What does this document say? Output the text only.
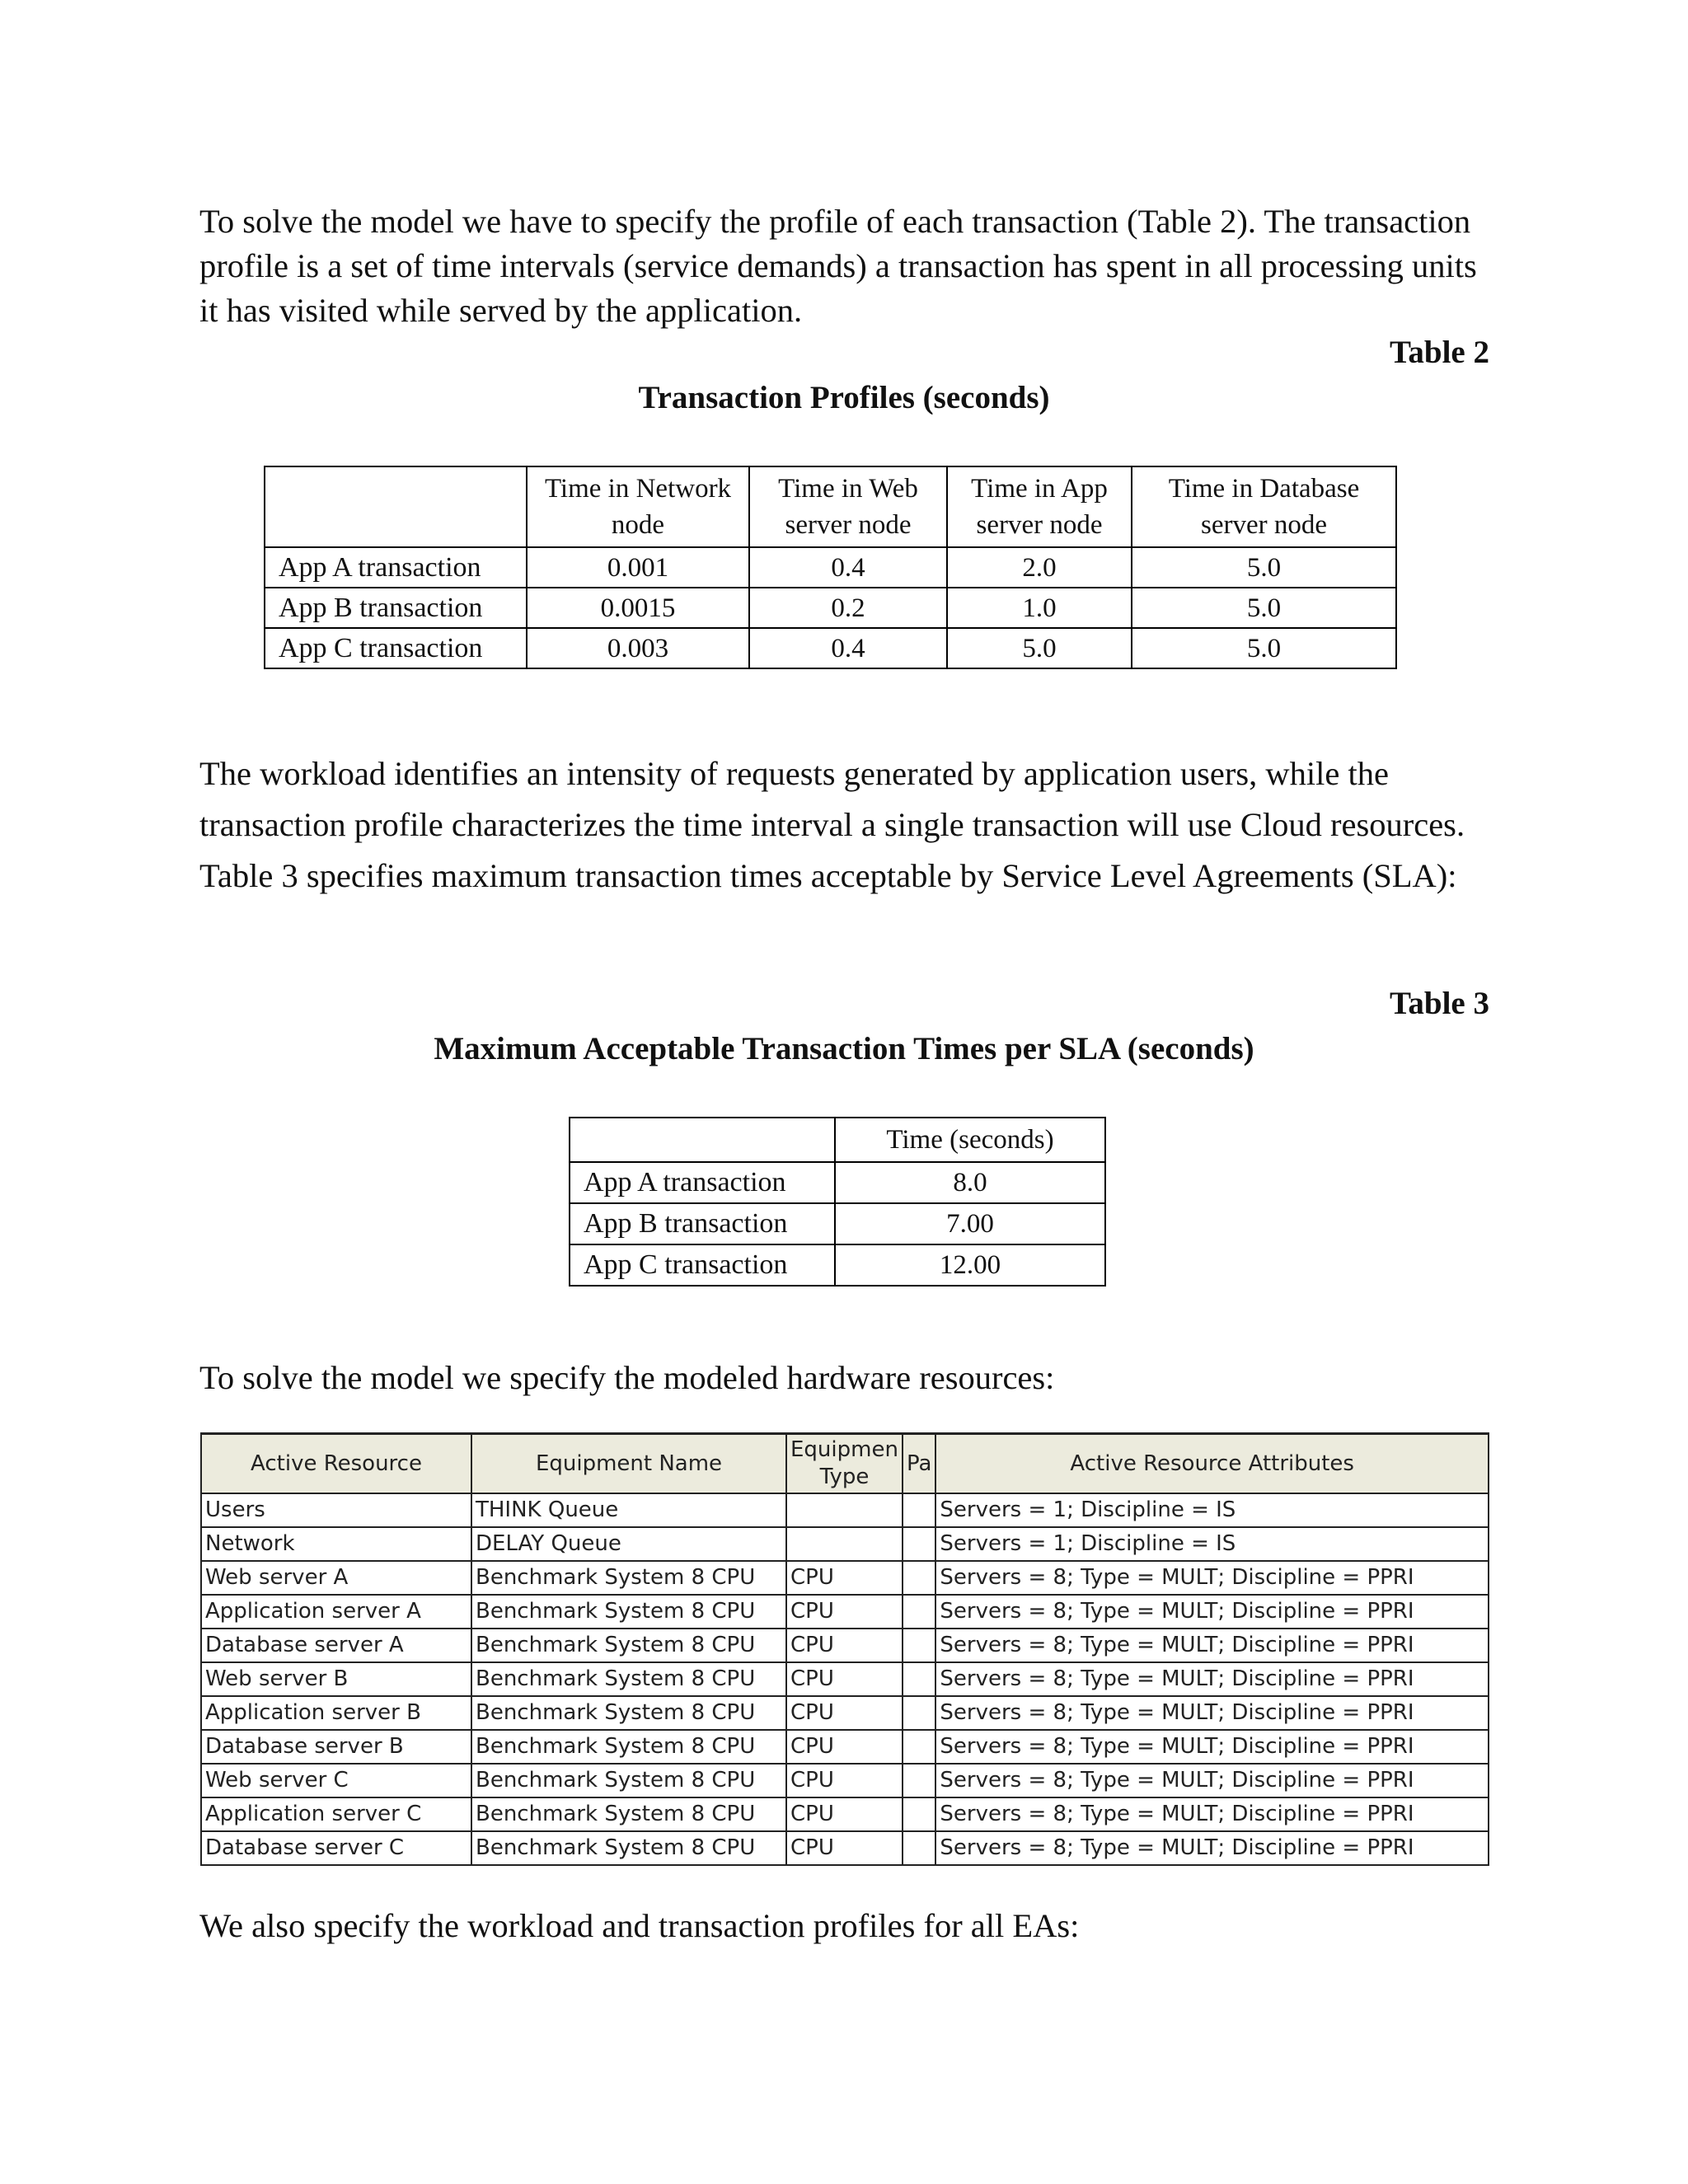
To solve the model we have to specify the profile of each transaction (Table 2). The transaction profile is a set of time intervals (service demands) a transaction has spent in all processing units it has visited while served by the application.

Table 2
Transaction Profiles (seconds)
	Time in Network node	Time in Web server node	Time in App server node	Time in Database server node
App A transaction	0.001	0.4	2.0	5.0
App B transaction	0.0015	0.2	1.0	5.0
App C transaction	0.003	0.4	5.0	5.0

The workload identifies an intensity of requests generated by application users, while the transaction profile characterizes the time interval a single transaction will use Cloud resources. Table 3 specifies maximum transaction times acceptable by Service Level Agreements (SLA):

Table 3
Maximum Acceptable Transaction Times per SLA (seconds)
	Time (seconds)
App A transaction	8.0
App B transaction	7.00
App C transaction	12.00

To solve the model we specify the modeled hardware resources:

Active Resource	Equipment Name	Equipmen Type	Pa	Active Resource Attributes
Users	THINK Queue			Servers = 1; Discipline = IS
Network	DELAY Queue			Servers = 1; Discipline = IS
Web server A	Benchmark System 8 CPU	CPU		Servers = 8; Type = MULT; Discipline = PPRI
Application server A	Benchmark System 8 CPU	CPU		Servers = 8; Type = MULT; Discipline = PPRI
Database server A	Benchmark System 8 CPU	CPU		Servers = 8; Type = MULT; Discipline = PPRI
Web server B	Benchmark System 8 CPU	CPU		Servers = 8; Type = MULT; Discipline = PPRI
Application server B	Benchmark System 8 CPU	CPU		Servers = 8; Type = MULT; Discipline = PPRI
Database server B	Benchmark System 8 CPU	CPU		Servers = 8; Type = MULT; Discipline = PPRI
Web server C	Benchmark System 8 CPU	CPU		Servers = 8; Type = MULT; Discipline = PPRI
Application server C	Benchmark System 8 CPU	CPU		Servers = 8; Type = MULT; Discipline = PPRI
Database server C	Benchmark System 8 CPU	CPU		Servers = 8; Type = MULT; Discipline = PPRI

We also specify the workload and transaction profiles for all EAs:
